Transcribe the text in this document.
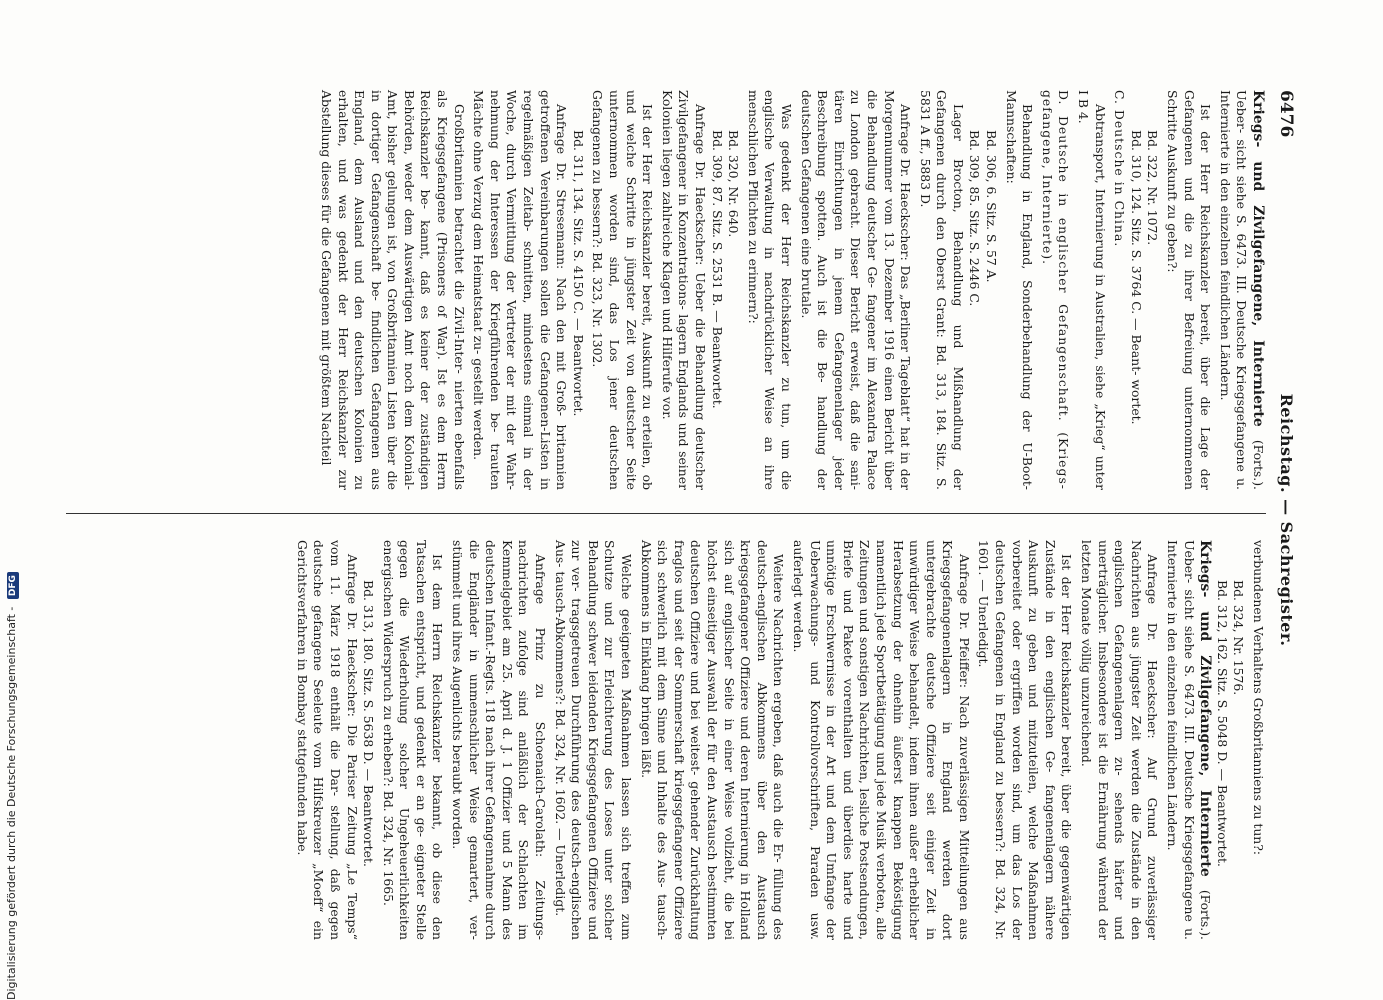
6476
Reichstag. — Sachregister.

Kriegs- und Zivilgefangene, Internierte (Forts.). Ueber- sicht siehe S. 6473. III. Deutsche Kriegsgefangene u. Internierte in den einzelnen feindlichen Ländern.

Ist der Herr Reichskanzler bereit, über die Lage der Gefangenen und die zu ihrer Befreiung unternommenen Schritte Auskunft zu geben?:

Bd. 322, Nr. 1072.
Bd. 310, 124. Sitz. S. 3764 C. — Beant- wortet.

C. Deutsche in China.

Abtransport, Internierung in Australien, siehe „Krieg“ unter I B 4.

D. Deutsche in englischer Gefangenschaft. (Kriegs- gefangene, Internierte).

Behandlung in England, Sonderbehandlung der U-Boot-Mannschaften:

Bd. 306, 6. Sitz. S. 57 A.
Bd. 309, 85. Sitz. S. 2446 C.

Lager Brocton, Behandlung und Mißhandlung der Gefangenen durch den Oberst Grant: Bd. 313, 184. Sitz. S. 5831 A ff., 5883 D.

Anfrage Dr. Haeckscher: Das „Berliner Tageblatt“ hat in der Morgennummer vom 13. Dezember 1916 einen Bericht über die Behandlung deutscher Ge- fangener im Alexandra Palace zu London gebracht. Dieser Bericht erweist, daß die sani- tären Einrichtungen in jenem Gefangenenlager jeder Beschreibung spotten. Auch ist die Be- handlung der deutschen Gefangenen eine brutale.

Was gedenkt der Herr Reichskanzler zu tun, um die englische Verwaltung in nachdrücklicher Weise an ihre menschlichen Pflichten zu erinnern?:

Bd. 320, Nr. 640.
Bd. 309, 87. Sitz. S. 2531 B. — Beantwortet.

Anfrage Dr. Haeckscher: Ueber die Behandlung deutscher Zivilgefangener in Konzentrations- lagern Englands und seiner Kolonien liegen zahlreiche Klagen und Hilferufe vor.

Ist der Herr Reichskanzler bereit, Auskunft zu erteilen, ob und welche Schritte in jüngster Zeit von deutscher Seite unternommen worden sind, das Los jener deutschen Gefangenen zu bessern?: Bd. 323, Nr. 1302.

Bd. 311, 134. Sitz. S. 4150 C. — Beantwortet.

Anfrage Dr. Stresemann: Nach den mit Groß- britannien getroffenen Vereinbarungen sollen die Gefangenen-Listen in regelmäßigen Zeitab- schnitten, mindestens einmal in der Woche, durch Vermittlung der Vertreter der mit der Wahr- nehmung der Interessen der Kriegführenden be- trauten Mächte ohne Verzug dem Heimatstaat zu- gestellt werden.

Großbritannien betrachtet die Zivil-Inter- nierten ebenfalls als Kriegsgefangene (Prisoners of War). Ist es dem Herrn Reichskanzler be- kannt, daß es keiner der zuständigen Behörden, weder dem Auswärtigen Amt noch dem Kolonial- Amt, bisher gelungen ist, von Großbritannien Listen über die in dortiger Gefangenschaft be- findlichen Gefangenen aus England, dem Ausland und den deutschen Kolonien zu erhalten, und was gedenkt der Herr Reichskanzler zur Abstellung dieses für die Gefangenen mit größtem Nachteil

verbundenen Verhaltens Großbritanniens zu tun?:

Bd. 324, Nr. 1576.
Bd. 312, 162. Sitz. S. 5048 D. — Beantwortet.

Kriegs- und Zivilgefangene, Internierte (Forts.). Ueber- sicht siehe S. 6473. III. Deutsche Kriegsgefangene u. Internierte in den einzelnen feindlichen Ländern.

Anfrage Dr. Haeckscher: Auf Grund zuverlässiger Nachrichten aus jüngster Zeit werden die Zustände in den englischen Gefangenenlagern zu- sehends härter und unerträglicher. Insbesondere ist die Ernährung während der letzten Monate völlig unzureichend.

Ist der Herr Reichskanzler bereit, über die gegenwärtigen Zustände in den englischen Ge- fangenenlagern nähere Auskunft zu geben und mitzuteilen, welche Maßnahmen vorbereitet oder ergriffen worden sind, um das Los der deutschen Gefangenen in England zu bessern?: Bd. 324, Nr. 1601. — Unerledigt.

Anfrage Dr. Pfeiffer: Nach zuverlässigen Mitteilungen aus Kriegsgefangenenlagern in England werden dort untergebrachte deutsche Offiziere seit einiger Zeit in unwürdiger Weise behandelt, indem ihnen außer erheblicher Herabsetzung der ohnehin äußerst knappen Beköstigung namentlich jede Sportbetätigung und jede Musik verboten, alle Zeitungen und sonstigen Nachrichten, lesliche Postsendungen, Briefe und Pakete vorenthalten und überdies harte und unnötige Erschwernisse in der Art und dem Umfange der Ueberwachungs- und Kontrollvorschriften, Paraden usw. auferlegt werden.

Weitere Nachrichten ergeben, daß auch die Er- füllung des deutsch-englischen Abkommens über den Austausch kriegsgefangener Offiziere und deren Internierung in Holland sich auf englischer Seite in einer Weise vollzieht, die bei höchst einseitiger Auswahl der für den Austausch bestimmten deutschen Offiziere und bei weitest- gehender Zurückhaltung fraglos und seit der Sommerschaft kriegsgefangener Offiziere sich schwerlich mit dem Sinne und Inhalte des Aus- tausch-Abkommens in Einklang bringen läßt.

Welche geeigneten Maßnahmen lassen sich treffen zum Schutze und zur Erleichterung des Loses unter solcher Behandlung schwer leidenden Kriegsgefangenen Offiziere und zur ver- tragsgetreuen Durchführung des deutsch-englischen Aus- tausch-Abkommens?: Bd. 324, Nr. 1602. — Unerledigt.

Anfrage Prinz zu Schoenaich-Carolath: Zeitungs- nachrichten zufolge sind anläßlich der Schlachten im Kemmelgebiet am 25. April d. J. 1 Offizier und 5 Mann des deutschen Infant.-Regts. 118 nach ihrer Gefangennahme durch die Engländer in unmenschlicher Weise gemartert, ver- stümmelt und ihres Augenlichts beraubt worden.

Ist dem Herrn Reichskanzler bekannt, ob diese den Tatsachen entspricht, und gedenkt er an ge- eigneter Stelle gegen die Wiederholung solcher Ungeheuerlichkeiten energischen Widerspruch zu erheben?: Bd. 324, Nr. 1665.

Bd. 313, 180. Sitz. S. 5638 D. — Beantwortet.

Anfrage Dr. Haeckscher: Die Pariser Zeitung „Le Temps“ vom 11. März 1918 enthält die Dar- stellung, daß gegen deutsche gefangene Seeleute vom Hilfskreuzer „Moeff“ ein Gerichtsverfahren in Bombay stattgefunden habe.

Digitalisierung gefördert durch die Deutsche Forschungsgemeinschaft - DFG
